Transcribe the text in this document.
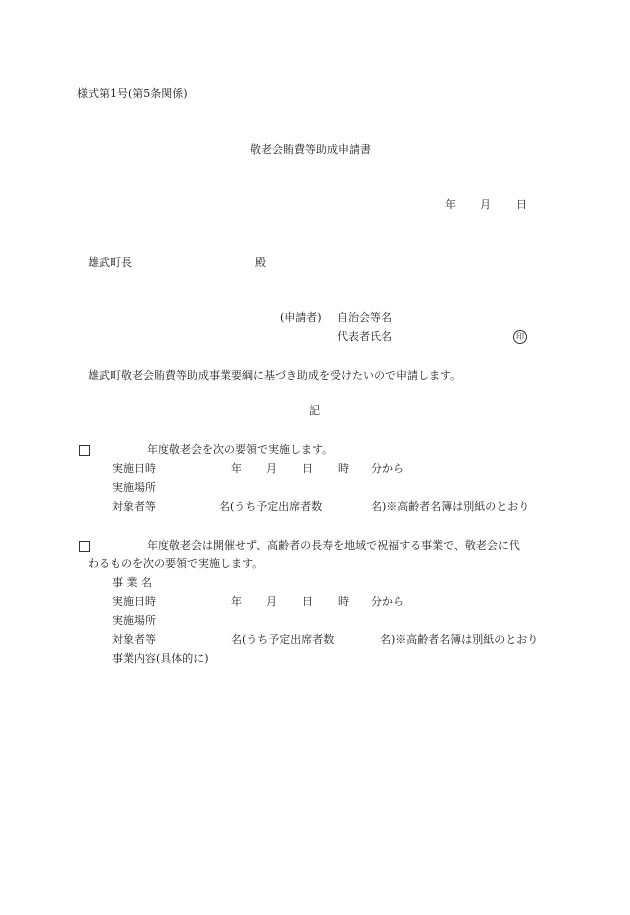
様式第1号(第5条関係)
敬老会賄費等助成申請書
年 月 日
雄武町長	殿
(申請者) 自治会等名
代表者氏名	印
雄武町敬老会賄費等助成事業要綱に基づき助成を受けたいので申請します。
記
年度敬老会を次の要領で実施します。
実施日時	年 月 日 時 分から
実施場所
対象者等	名(うち予定出席者数	名)※高齢者名簿は別紙のとおり
年度敬老会は開催せず、高齢者の長寿を地域で祝福する事業で、敬老会に代
わるものを次の要領で実施します。
事 業 名
実施日時	年 月 日 時 分から
実施場所
対象者等	名(うち予定出席者数	名)※高齢者名簿は別紙のとおり
事業内容(具体的に)
